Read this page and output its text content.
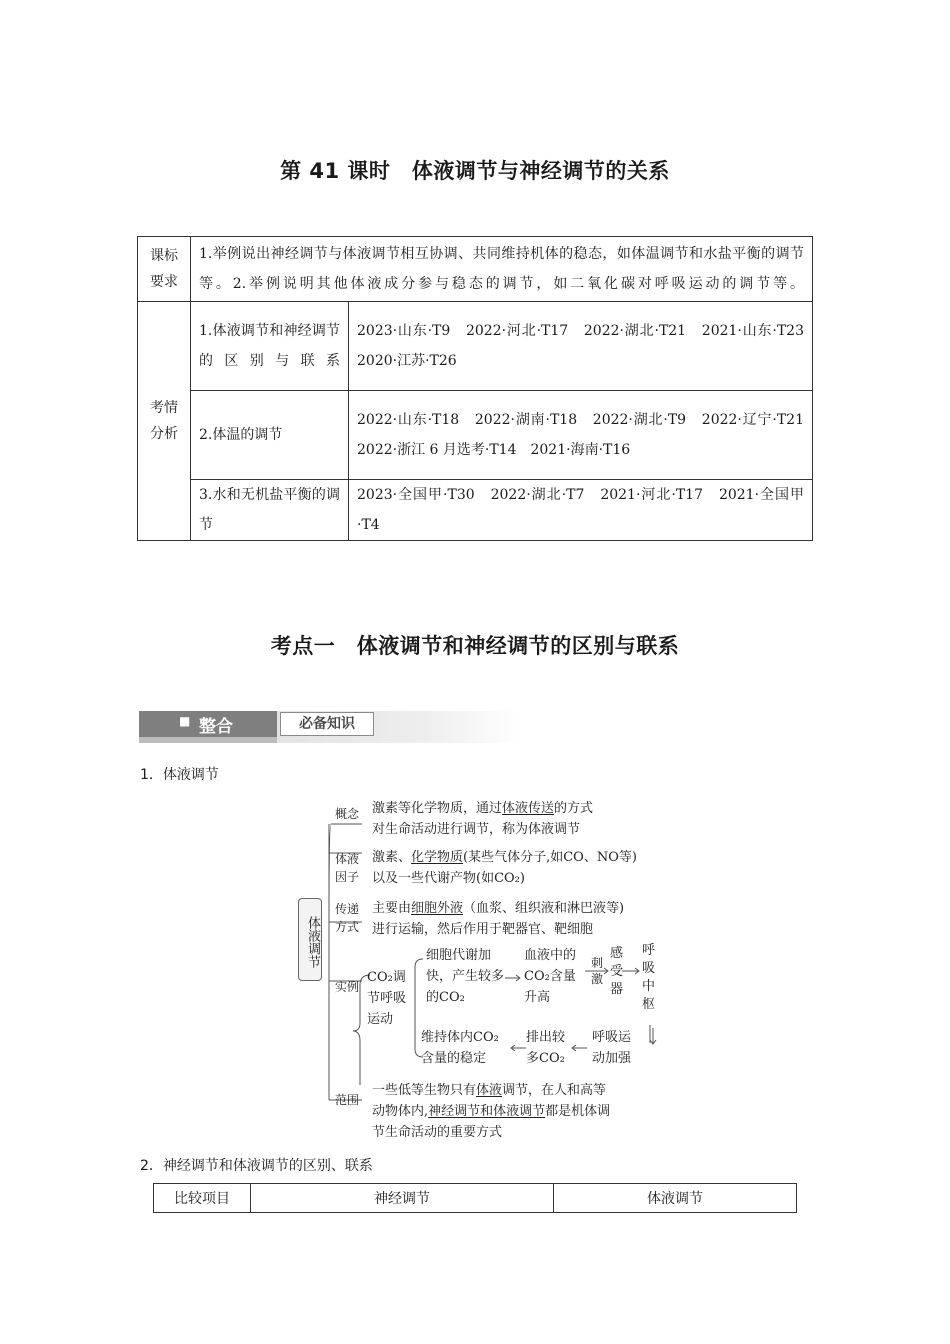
第 41 课时　体液调节与神经调节的关系
课标要求	1.举例说出神经调节与体液调节相互协调、共同维持机体的稳态，如体温调节和水盐平衡的调节等。2.举例说明其他体液成分参与稳态的调节，如二氧化碳对呼吸运动的调节等。	
考情分析	1.体液调节和神经调节的区别与联系	2023·山东·T9　2022·河北·T17　2022·湖北·T21　2021·山东·T23
2020·江苏·T26

	2.体温的调节	2022·山东·T18　2022·湖南·T18　2022·湖北·T9　2022·辽宁·T21
2022·浙江 6 月选考·T14　2021·海南·T16

	3.水和无机盐平衡的调节	2023·全国甲·T30　2022·湖北·T7　2021·河北·T17　2021·全国甲·T4
考点一　体液调节和神经调节的区别与联系
■ 整合	必备知识
1．体液调节
体液调节
概念 激素等化学物质，通过体液传送的方式
对生命活动进行调节，称为体液调节
体液因子
激素、化学物质(某些气体分子,如CO、NO等)
以及一些代谢产物(如CO₂)
传递方式
主要由细胞外液（血浆、组织液和淋巴液等)
进行运输，然后作用于靶器官、靶细胞
实例
CO₂调节呼吸运动
细胞代谢加快，产生较多的CO₂
血液中的CO₂含量升高
刺激
感受器
呼吸中枢
呼吸运动加强
排出较多CO₂
维持体内CO₂含量的稳定
范围
一些低等生物只有体液调节，在人和高等
动物体内,神经调节和体液调节都是机体调
节生命活动的重要方式
2．神经调节和体液调节的区别、联系
比较项目	神经调节	体液调节
